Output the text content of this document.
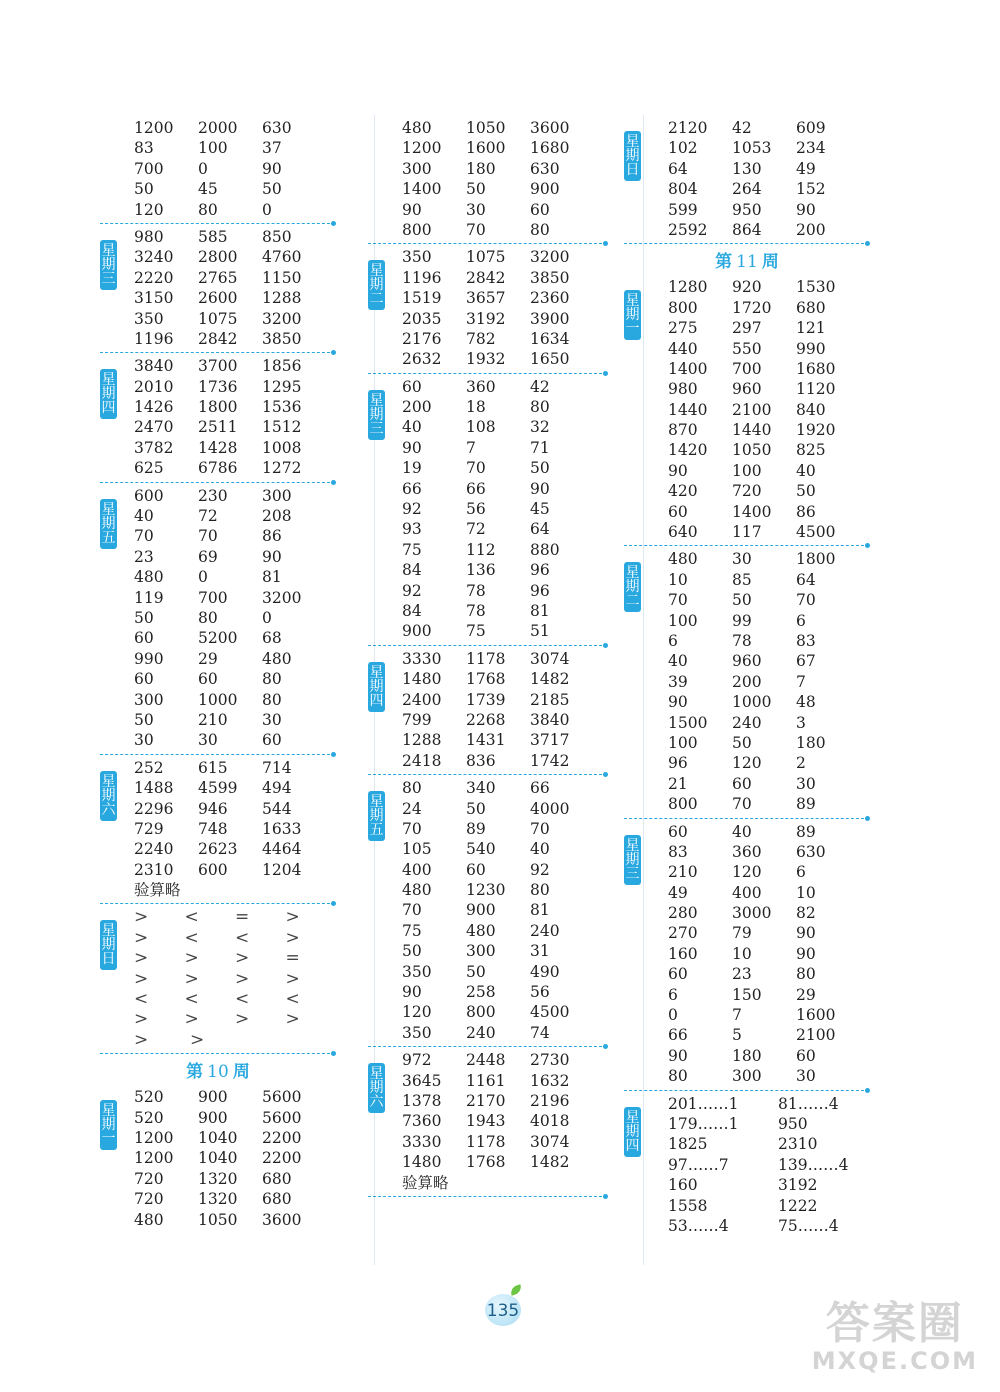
1200	2000	630
83	100	37
700	0	90
50	45	50
120	80	0
星
期
三
980	585	850
3240	2800	4760
2220	2765	1150
3150	2600	1288
350	1075	3200
1196	2842	3850
星
期
四
3840	3700	1856
2010	1736	1295
1426	1800	1536
2470	2511	1512
3782	1428	1008
625	6786	1272
星
期
五
600	230	300
40	72	208
70	70	86
23	69	90
480	0	81
119	700	3200
50	80	0
60	5200	68
990	29	480
60	60	80
300	1000	80
50	210	30
30	30	60
星
期
六
252	615	714
1488	4599	494
2296	946	544
729	748	1633
2240	2623	4464
2310	600	1204
验算略
星
期
日
>	<	=	>
>	<	<	>
>	>	>	=
>	>	>	>
<	<	<	<
>	>	>	>
>	>
第 10 周
星
期
一
520	900	5600
520	900	5600
1200	1040	2200
1200	1040	2200
720	1320	680
720	1320	680
480	1050	3600
480	1050	3600
1200	1600	1680
300	180	630
1400	50	900
90	30	60
800	70	80
星
期
二
350	1075	3200
1196	2842	3850
1519	3657	2360
2035	3192	3900
2176	782	1634
2632	1932	1650
星
期
三
60	360	42
200	18	80
40	108	32
90	7	71
19	70	50
66	66	90
92	56	45
93	72	64
75	112	880
84	136	96
92	78	96
84	78	81
900	75	51
星
期
四
3330	1178	3074
1480	1768	1482
2400	1739	2185
799	2268	3840
1288	1431	3717
2418	836	1742
星
期
五
80	340	66
24	50	4000
70	89	70
105	540	40
400	60	92
480	1230	80
70	900	81
75	480	240
50	300	31
350	50	490
90	258	56
120	800	4500
350	240	74
星
期
六
972	2448	2730
3645	1161	1632
1378	2170	2196
7360	1943	4018
3330	1178	3074
1480	1768	1482
验算略
星
期
日
2120	42	609
102	1053	234
64	130	49
804	264	152
599	950	90
2592	864	200
第 11 周
星
期
一
1280	920	1530
800	1720	680
275	297	121
440	550	990
1400	700	1680
980	960	1120
1440	2100	840
870	1440	1920
1420	1050	825
90	100	40
420	720	50
60	1400	86
640	117	4500
星
期
二
480	30	1800
10	85	64
70	50	70
100	99	6
6	78	83
40	960	67
39	200	7
90	1000	48
1500	240	3
100	50	180
96	120	2
21	60	30
800	70	89
星
期
三
60	40	89
83	360	630
210	120	6
49	400	10
280	3000	82
270	79	90
160	10	90
60	23	80
6	150	29
0	7	1600
66	5	2100
90	180	60
80	300	30
星
期
四
201……1	81……4
179……1	950
1825	2310
97……7	139……4
160	3192
1558	1222
53……4	75……4
135	答案圈
MXQE.COM
